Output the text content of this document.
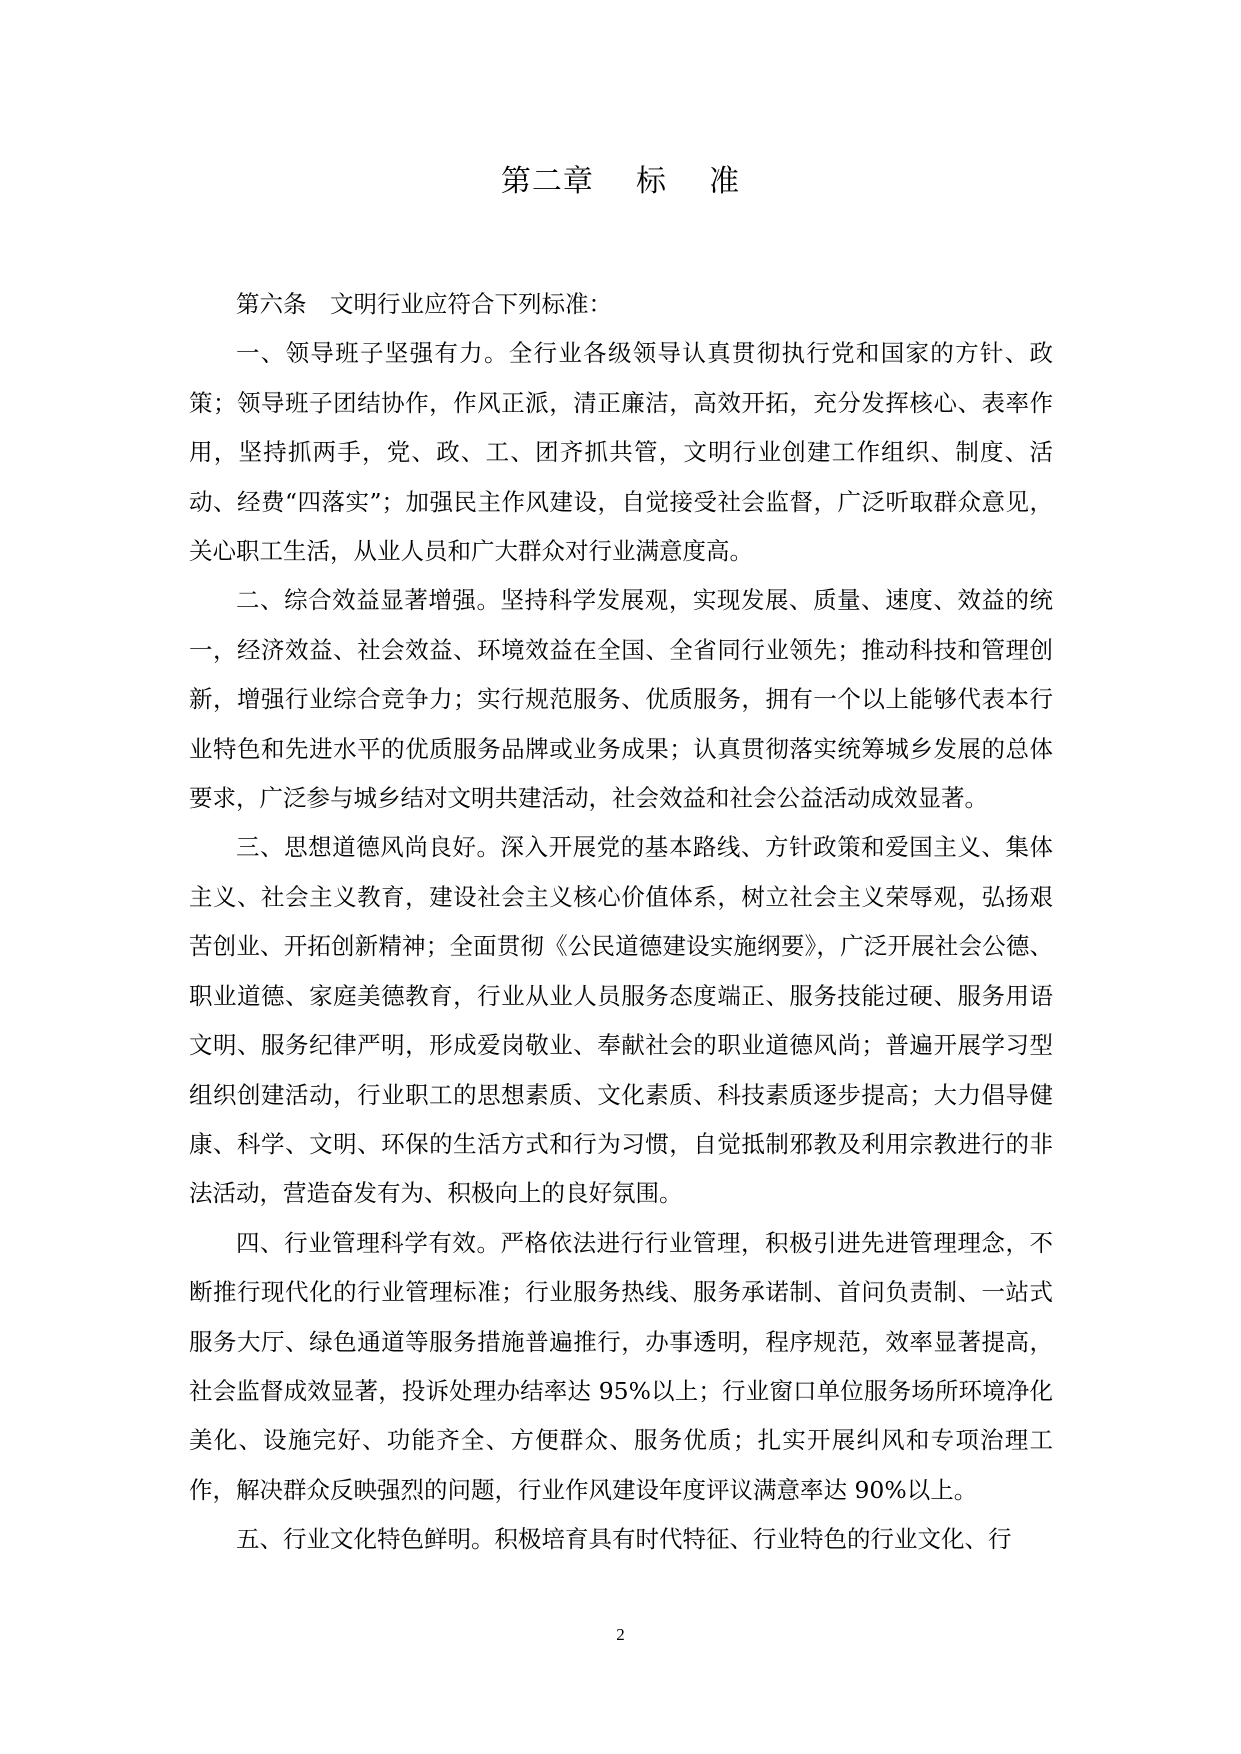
第二章    标    准

第六条　文明行业应符合下列标准：

一、领导班子坚强有力。全行业各级领导认真贯彻执行党和国家的方针、政策；领导班子团结协作，作风正派，清正廉洁，高效开拓，充分发挥核心、表率作用，坚持抓两手，党、政、工、团齐抓共管，文明行业创建工作组织、制度、活动、经费“四落实”；加强民主作风建设，自觉接受社会监督，广泛听取群众意见，关心职工生活，从业人员和广大群众对行业满意度高。

二、综合效益显著增强。坚持科学发展观，实现发展、质量、速度、效益的统一，经济效益、社会效益、环境效益在全国、全省同行业领先；推动科技和管理创新，增强行业综合竞争力；实行规范服务、优质服务，拥有一个以上能够代表本行业特色和先进水平的优质服务品牌或业务成果；认真贯彻落实统筹城乡发展的总体要求，广泛参与城乡结对文明共建活动，社会效益和社会公益活动成效显著。

三、思想道德风尚良好。深入开展党的基本路线、方针政策和爱国主义、集体主义、社会主义教育，建设社会主义核心价值体系，树立社会主义荣辱观，弘扬艰苦创业、开拓创新精神；全面贯彻《公民道德建设实施纲要》，广泛开展社会公德、职业道德、家庭美德教育，行业从业人员服务态度端正、服务技能过硬、服务用语文明、服务纪律严明，形成爱岗敬业、奉献社会的职业道德风尚；普遍开展学习型组织创建活动，行业职工的思想素质、文化素质、科技素质逐步提高；大力倡导健康、科学、文明、环保的生活方式和行为习惯，自觉抵制邪教及利用宗教进行的非法活动，营造奋发有为、积极向上的良好氛围。

四、行业管理科学有效。严格依法进行行业管理，积极引进先进管理理念，不断推行现代化的行业管理标准；行业服务热线、服务承诺制、首问负责制、一站式服务大厅、绿色通道等服务措施普遍推行，办事透明，程序规范，效率显著提高，社会监督成效显著，投诉处理办结率达 95%以上；行业窗口单位服务场所环境净化美化、设施完好、功能齐全、方便群众、服务优质；扎实开展纠风和专项治理工作，解决群众反映强烈的问题，行业作风建设年度评议满意率达 90%以上。

五、行业文化特色鲜明。积极培育具有时代特征、行业特色的行业文化、行

2
